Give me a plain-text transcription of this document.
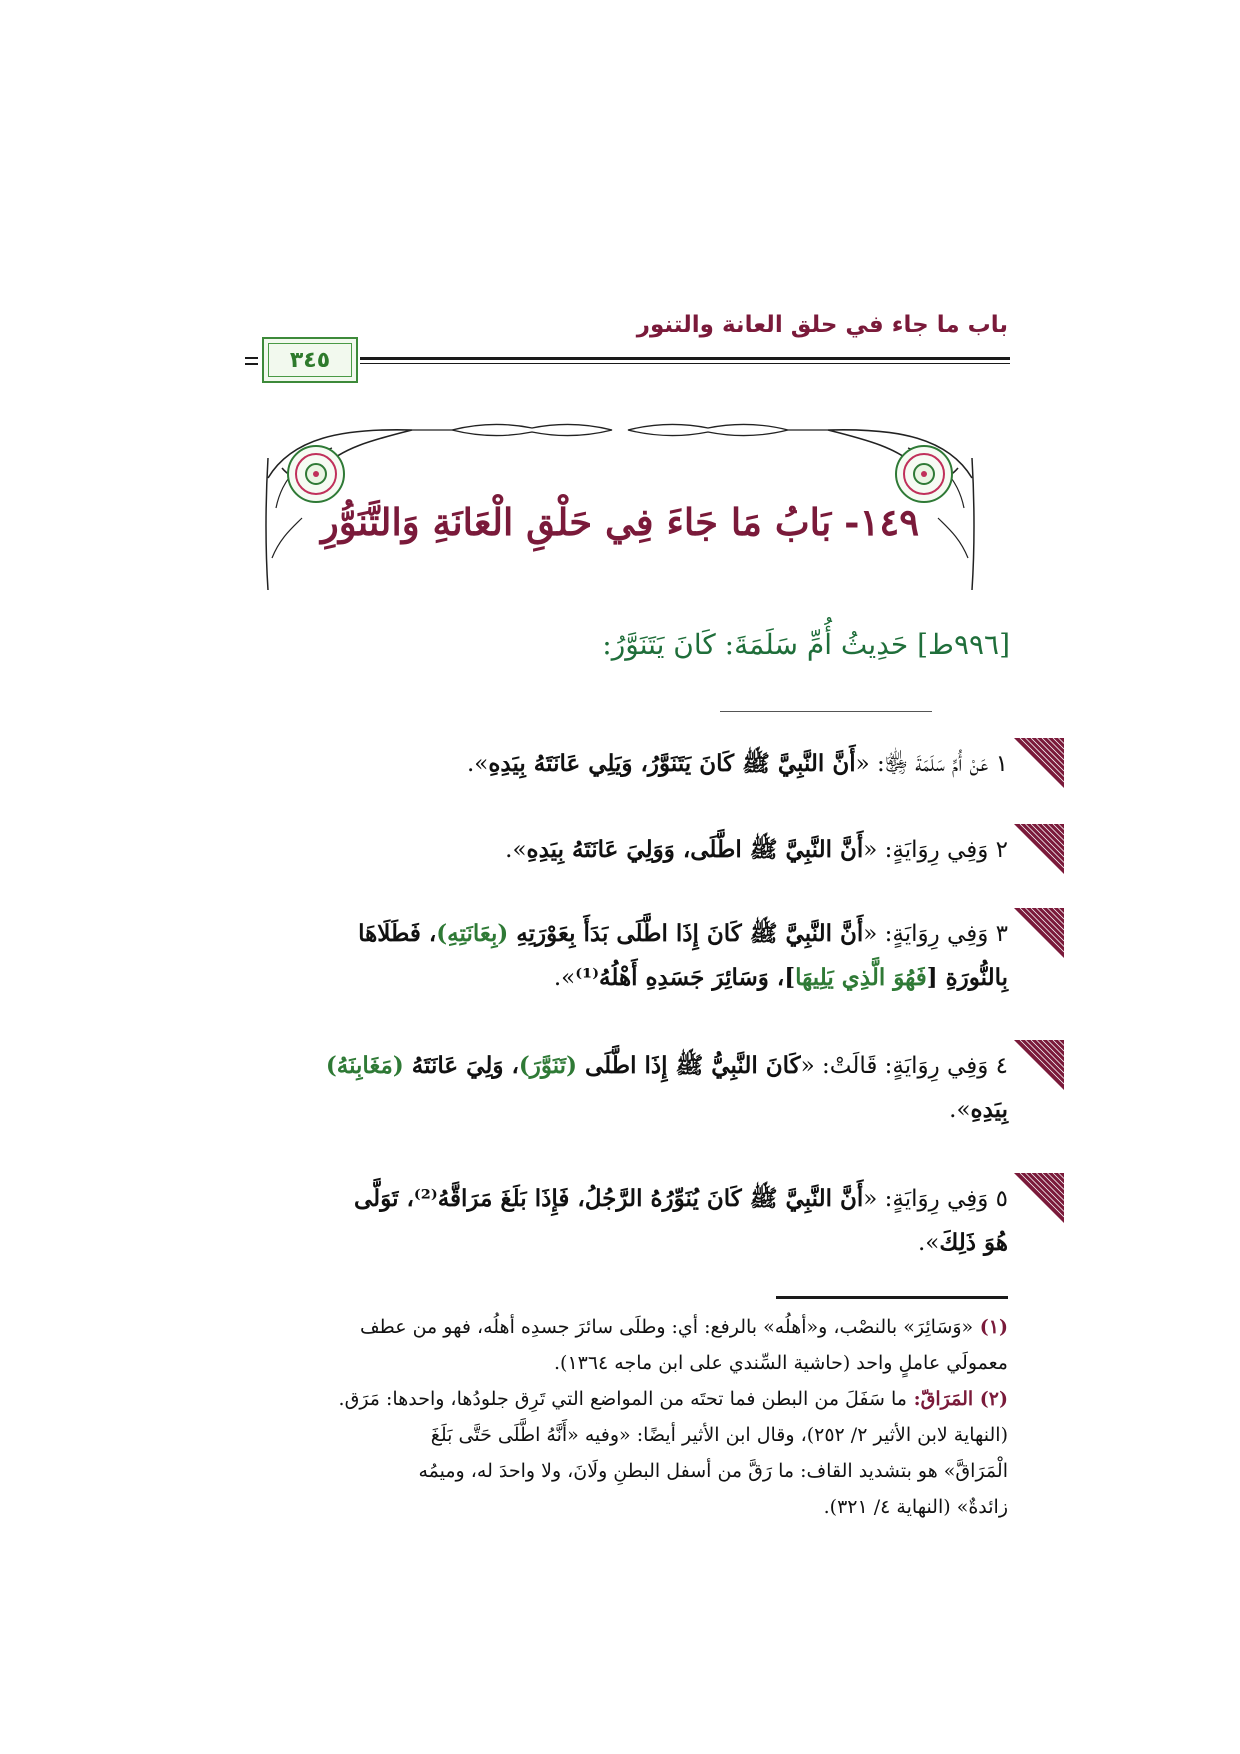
باب ما جاء في حلق العانة والتنور
٣٤٥
١٤٩- بَابُ مَا جَاءَ فِي حَلْقِ الْعَانَةِ وَالتَّنَوُّرِ
[٩٩٦ط] حَدِيثُ أُمِّ سَلَمَةَ: كَانَ يَتَنَوَّرُ:
١ عَنْ أُمِّ سَلَمَةَ ﵂: «أَنَّ النَّبِيَّ ﷺ كَانَ يَتَنَوَّرُ، وَيَلِي عَانَتَهُ بِيَدِهِ».
٢ وَفِي رِوَايَةٍ: «أَنَّ النَّبِيَّ ﷺ اطَّلَى، وَوَلِيَ عَانَتَهُ بِيَدِهِ».
٣ وَفِي رِوَايَةٍ: «أَنَّ النَّبِيَّ ﷺ كَانَ إِذَا اطَّلَى بَدَأَ بِعَوْرَتِهِ (بِعَانَتِهِ)، فَطَلَاهَا
بِالنُّورَةِ [فَهُوَ الَّذِي يَلِيهَا]، وَسَائِرَ جَسَدِهِ أَهْلُهُ⁽¹⁾».
٤ وَفِي رِوَايَةٍ: قَالَتْ: «كَانَ النَّبِيُّ ﷺ إِذَا اطَّلَى (تَنَوَّرَ)، وَلِيَ عَانَتَهُ (مَغَابِنَهُ)
بِيَدِهِ».
٥ وَفِي رِوَايَةٍ: «أَنَّ النَّبِيَّ ﷺ كَانَ يُنَوِّرُهُ الرَّجُلُ، فَإِذَا بَلَغَ مَرَاقَّهُ⁽²⁾، تَوَلَّى
هُوَ ذَلِكَ».
(١) «وَسَائِرَ» بالنصْب، و«أهلُه» بالرفع: أي: وطلَى سائرَ جسدِه أهلُه، فهو من عطف
معمولَي عاملٍ واحد (حاشية السِّندي على ابن ماجه ١٣٦٤).
(٢) المَرَاقّ: ما سَفَلَ من البطن فما تحتَه من المواضع التي تَرِق جلودُها، واحدها: مَرَق.
(النهاية لابن الأثير ٢/ ٢٥٢)، وقال ابن الأثير أيضًا: «وفيه «أَنَّهُ اطَّلَى حَتَّى بَلَغَ
الْمَرَاقَّ» هو بتشديد القاف: ما رَقَّ من أسفل البطنِ ولَانَ، ولا واحدَ له، وميمُه
زائدةٌ» (النهاية ٤/ ٣٢١).
